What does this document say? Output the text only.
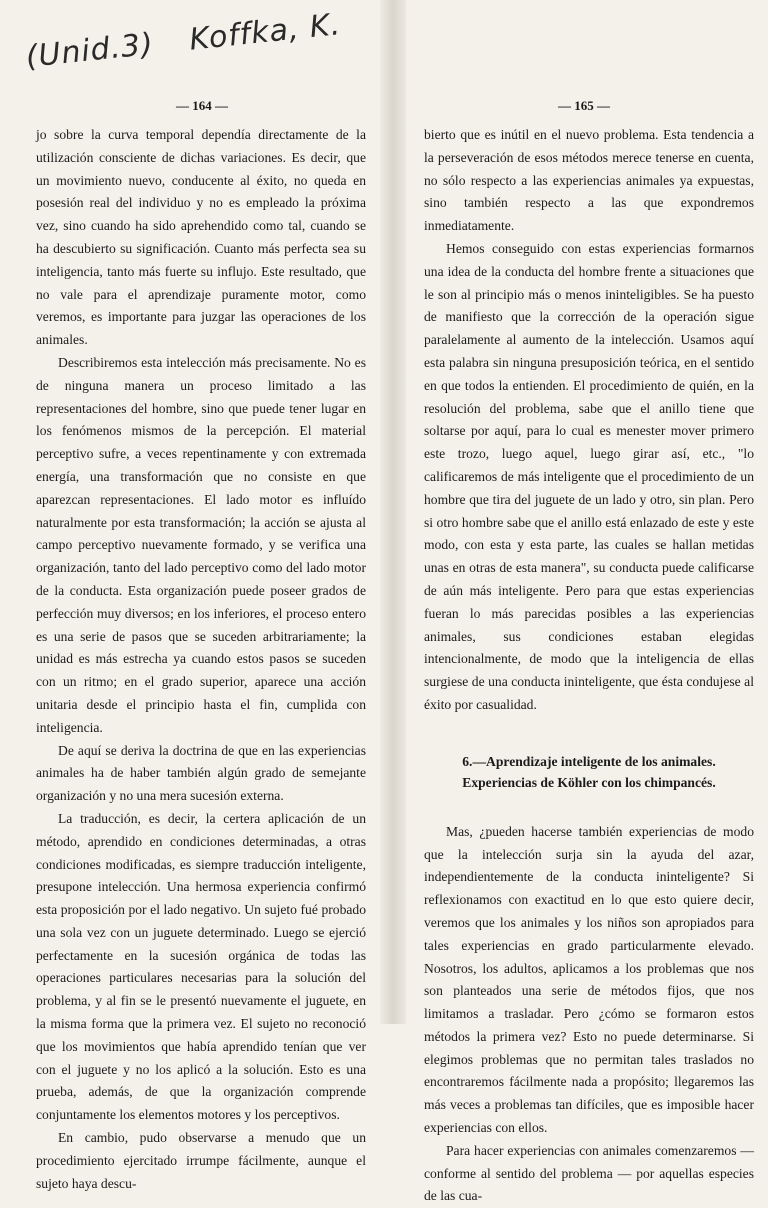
(Unid.3) Koffka, K.
— 164 —

jo sobre la curva temporal dependía directamente de la utilización consciente de dichas variaciones. Es decir, que un movimiento nuevo, conducente al éxito, no queda en posesión real del individuo y no es empleado la próxima vez, sino cuando ha sido aprehendido como tal, cuando se ha descubierto su significación. Cuanto más perfecta sea su inteligencia, tanto más fuerte su influjo. Este resultado, que no vale para el aprendizaje puramente motor, como veremos, es importante para juzgar las operaciones de los animales.

Describiremos esta intelección más precisamente. No es de ninguna manera un proceso limitado a las representaciones del hombre, sino que puede tener lugar en los fenómenos mismos de la percepción. El material perceptivo sufre, a veces repentinamente y con extremada energía, una transformación que no consiste en que aparezcan representaciones. El lado motor es influído naturalmente por esta transformación; la acción se ajusta al campo perceptivo nuevamente formado, y se verifica una organización, tanto del lado perceptivo como del lado motor de la conducta. Esta organización puede poseer grados de perfección muy diversos; en los inferiores, el proceso entero es una serie de pasos que se suceden arbitrariamente; la unidad es más estrecha ya cuando estos pasos se suceden con un ritmo; en el grado superior, aparece una acción unitaria desde el principio hasta el fin, cumplida con inteligencia.

De aquí se deriva la doctrina de que en las experiencias animales ha de haber también algún grado de semejante organización y no una mera sucesión externa.

La traducción, es decir, la certera aplicación de un método, aprendido en condiciones determinadas, a otras condiciones modificadas, es siempre traducción inteligente, presupone intelección. Una hermosa experiencia confirmó esta proposición por el lado negativo. Un sujeto fué probado una sola vez con un juguete determinado. Luego se ejerció perfectamente en la sucesión orgánica de todas las operaciones particulares necesarias para la solución del problema, y al fin se le presentó nuevamente el juguete, en la misma forma que la primera vez. El sujeto no reconoció que los movimientos que había aprendido tenían que ver con el juguete y no los aplicó a la solución. Esto es una prueba, además, de que la organización comprende conjuntamente los elementos motores y los perceptivos.

En cambio, pudo observarse a menudo que un procedimiento ejercitado irrumpe fácilmente, aunque el sujeto haya descu-

— 165 —

bierto que es inútil en el nuevo problema. Esta tendencia a la perseveración de esos métodos merece tenerse en cuenta, no sólo respecto a las experiencias animales ya expuestas, sino también respecto a las que expondremos inmediatamente.

Hemos conseguido con estas experiencias formarnos una idea de la conducta del hombre frente a situaciones que le son al principio más o menos ininteligibles. Se ha puesto de manifiesto que la corrección de la operación sigue paralelamente al aumento de la intelección. Usamos aquí esta palabra sin ninguna presuposición teórica, en el sentido en que todos la entienden. El procedimiento de quién, en la resolución del problema, sabe que el anillo tiene que soltarse por aquí, para lo cual es menester mover primero este trozo, luego aquel, luego girar así, etc., "lo calificaremos de más inteligente que el procedimiento de un hombre que tira del juguete de un lado y otro, sin plan. Pero si otro hombre sabe que el anillo está enlazado de este y este modo, con esta y esta parte, las cuales se hallan metidas unas en otras de esta manera", su conducta puede calificarse de aún más inteligente. Pero para que estas experiencias fueran lo más parecidas posibles a las experiencias animales, sus condiciones estaban elegidas intencionalmente, de modo que la inteligencia de ellas surgiese de una conducta ininteligente, que ésta condujese al éxito por casualidad.

6.—Aprendizaje inteligente de los animales. Experiencias de Köhler con los chimpancés.

Mas, ¿pueden hacerse también experiencias de modo que la intelección surja sin la ayuda del azar, independientemente de la conducta ininteligente? Si reflexionamos con exactitud en lo que esto quiere decir, veremos que los animales y los niños son apropiados para tales experiencias en grado particularmente elevado. Nosotros, los adultos, aplicamos a los problemas que nos son planteados una serie de métodos fijos, que nos limitamos a trasladar. Pero ¿cómo se formaron estos métodos la primera vez? Esto no puede determinarse. Si elegimos problemas que no permitan tales traslados no encontraremos fácilmente nada a propósito; llegaremos las más veces a problemas tan difíciles, que es imposible hacer experiencias con ellos.

Para hacer experiencias con animales comenzaremos —conforme al sentido del problema — por aquellas especies de las cua-
